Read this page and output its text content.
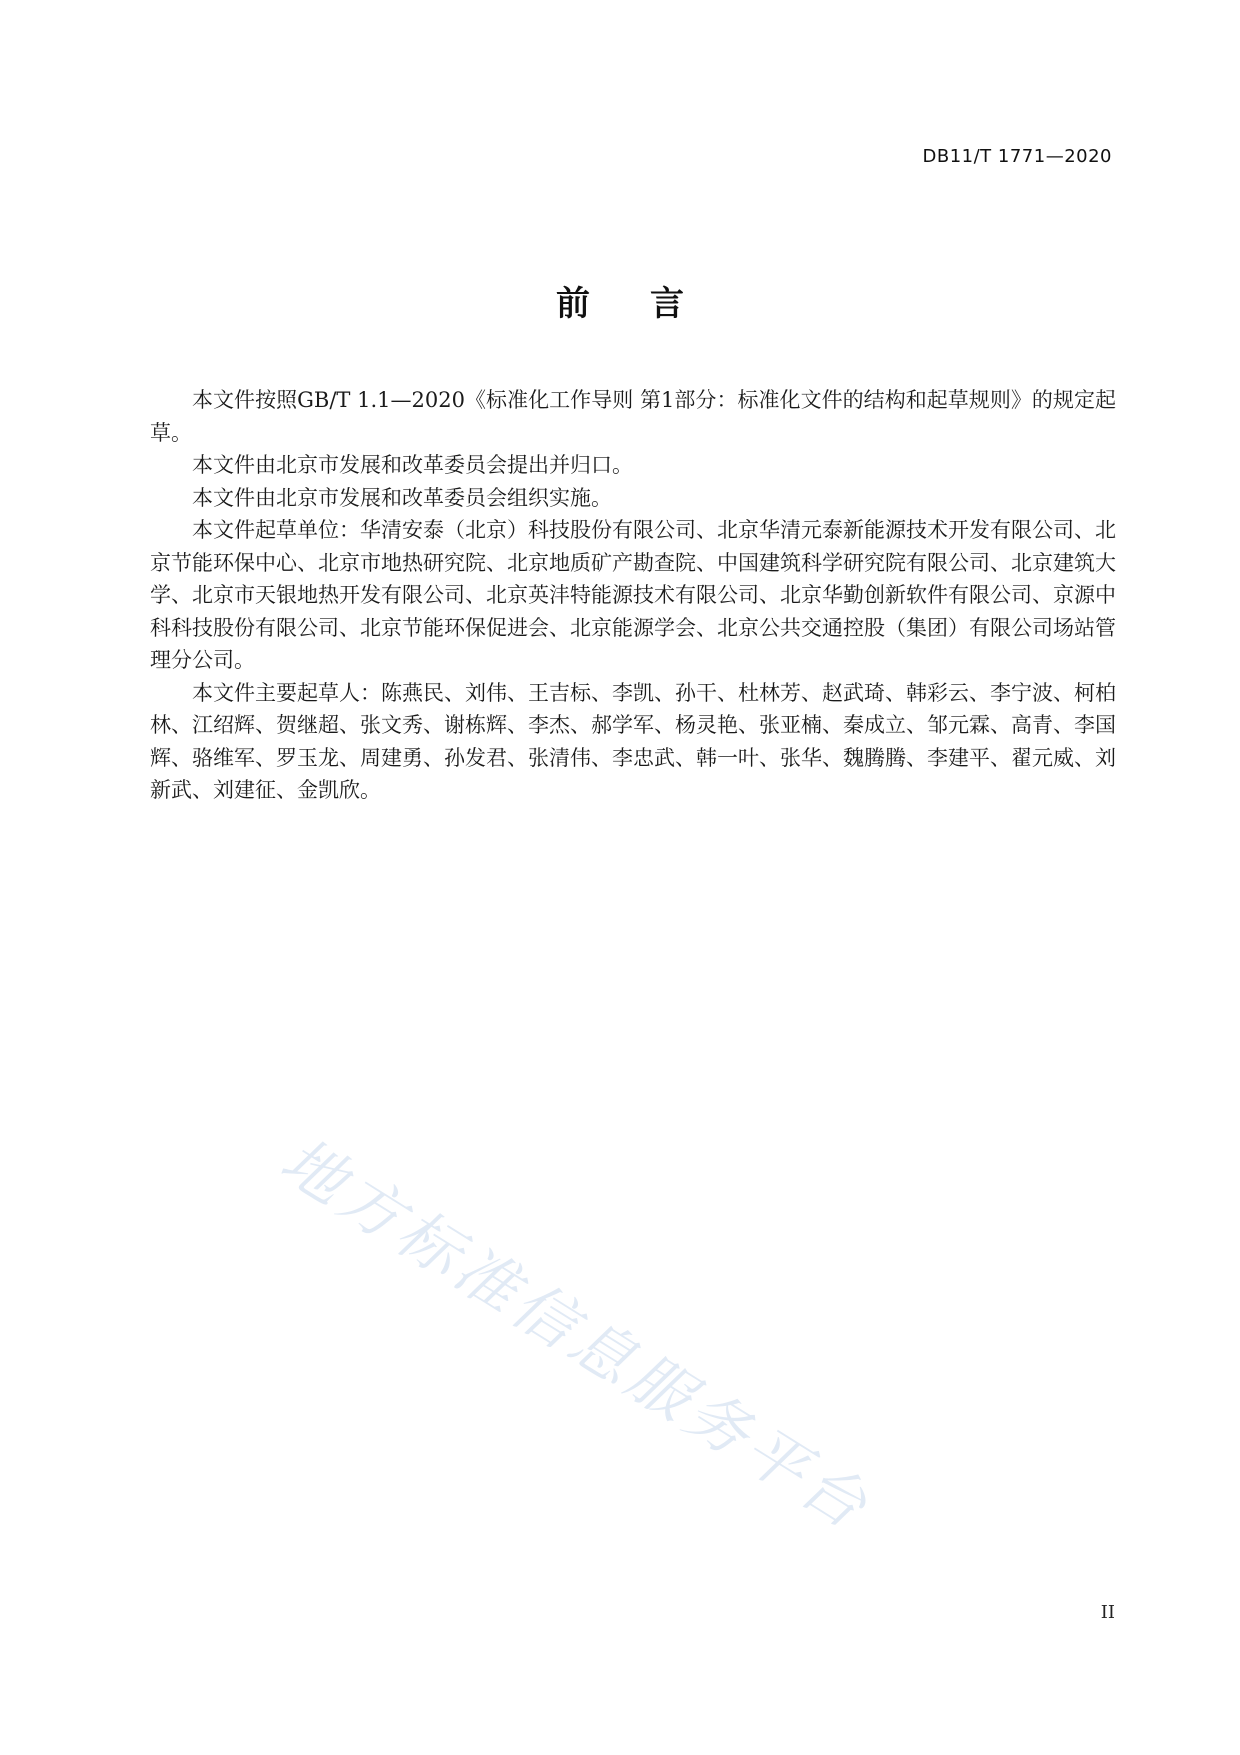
DB11/T 1771—2020
前言

本文件按照GB/T 1.1—2020《标准化工作导则 第1部分：标准化文件的结构和起草规则》的规定起草。

本文件由北京市发展和改革委员会提出并归口。

本文件由北京市发展和改革委员会组织实施。

本文件起草单位：华清安泰（北京）科技股份有限公司、北京华清元泰新能源技术开发有限公司、北京节能环保中心、北京市地热研究院、北京地质矿产勘查院、中国建筑科学研究院有限公司、北京建筑大学、北京市天银地热开发有限公司、北京英沣特能源技术有限公司、北京华勤创新软件有限公司、京源中科科技股份有限公司、北京节能环保促进会、北京能源学会、北京公共交通控股（集团）有限公司场站管理分公司。

本文件主要起草人：陈燕民、刘伟、王吉标、李凯、孙干、杜林芳、赵武琦、韩彩云、李宁波、柯柏林、江绍辉、贺继超、张文秀、谢栋辉、李杰、郝学军、杨灵艳、张亚楠、秦成立、邹元霖、高青、李国辉、骆维军、罗玉龙、周建勇、孙发君、张清伟、李忠武、韩一叶、张华、魏腾腾、李建平、翟元威、刘新武、刘建征、金凯欣。

地方标准信息服务平台
II
